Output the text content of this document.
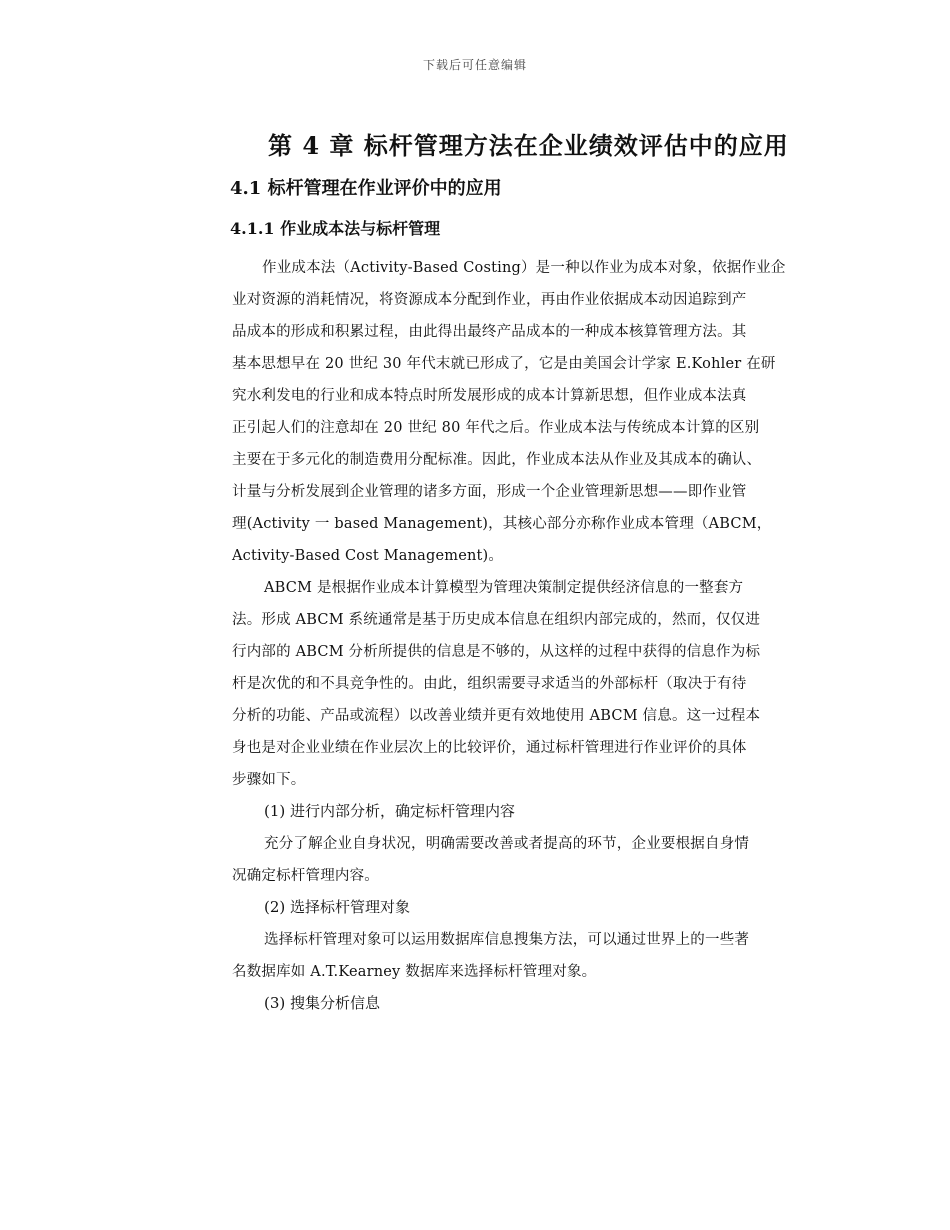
下载后可任意编辑
第 4 章 标杆管理方法在企业绩效评估中的应用
4.1 标杆管理在作业评价中的应用
4.1.1 作业成本法与标杆管理
作业成本法（Activity-Based Costing）是一种以作业为成本对象，依据作业企
业对资源的消耗情况，将资源成本分配到作业，再由作业依据成本动因追踪到产
品成本的形成和积累过程，由此得出最终产品成本的一种成本核算管理方法。其
基本思想早在 20 世纪 30 年代末就已形成了，它是由美国会计学家 E.Kohler 在研
究水利发电的行业和成本特点时所发展形成的成本计算新思想，但作业成本法真
正引起人们的注意却在 20 世纪 80 年代之后。作业成本法与传统成本计算的区别
主要在于多元化的制造费用分配标准。因此，作业成本法从作业及其成本的确认、
计量与分析发展到企业管理的诸多方面，形成一个企业管理新思想——即作业管
理(Activity 一 based Management)，其核心部分亦称作业成本管理（ABCM，
Activity-Based Cost Management)。
ABCM 是根据作业成本计算模型为管理决策制定提供经济信息的一整套方
法。形成 ABCM 系统通常是基于历史成本信息在组织内部完成的，然而，仅仅进
行内部的 ABCM 分析所提供的信息是不够的，从这样的过程中获得的信息作为标
杆是次优的和不具竞争性的。由此，组织需要寻求适当的外部标杆（取决于有待
分析的功能、产品或流程）以改善业绩并更有效地使用 ABCM 信息。这一过程本
身也是对企业业绩在作业层次上的比较评价，通过标杆管理进行作业评价的具体
步骤如下。
(1) 进行内部分析，确定标杆管理内容
充分了解企业自身状况，明确需要改善或者提高的环节，企业要根据自身情
况确定标杆管理内容。
(2) 选择标杆管理对象
选择标杆管理对象可以运用数据库信息搜集方法，可以通过世界上的一些著
名数据库如 A.T.Kearney 数据库来选择标杆管理对象。
(3) 搜集分析信息
